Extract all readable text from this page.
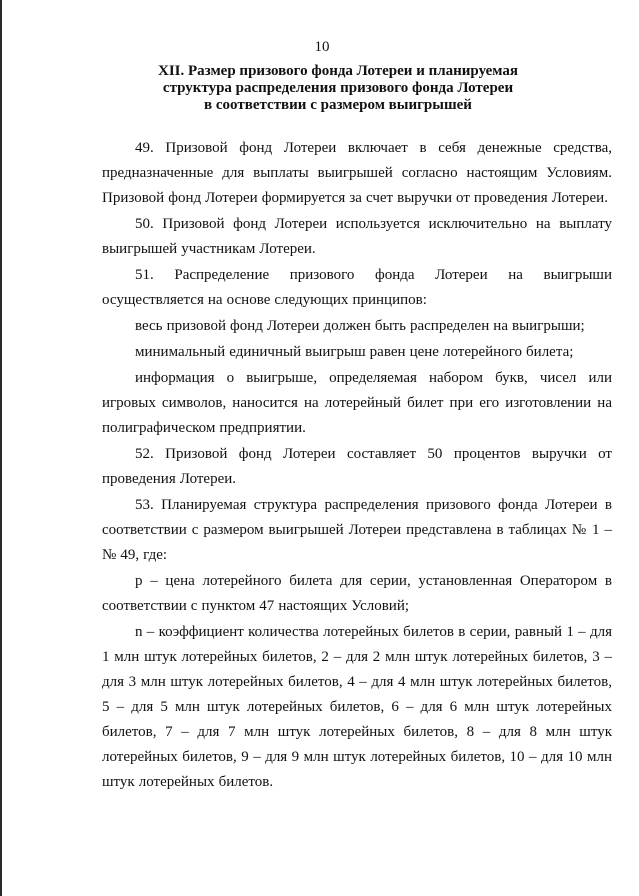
10
XII. Размер призового фонда Лотереи и планируемая
структура распределения призового фонда Лотереи
в соответствии с размером выигрышей

49. Призовой фонд Лотереи включает в себя денежные средства, предназначенные для выплаты выигрышей согласно настоящим Условиям. Призовой фонд Лотереи формируется за счет выручки от проведения Лотереи.

50. Призовой фонд Лотереи используется исключительно на выплату выигрышей участникам Лотереи.

51. Распределение призового фонда Лотереи на выигрыши осуществляется на основе следующих принципов:

весь призовой фонд Лотереи должен быть распределен на выигрыши;

минимальный единичный выигрыш равен цене лотерейного билета;

информация о выигрыше, определяемая набором букв, чисел или игровых символов, наносится на лотерейный билет при его изготовлении на полиграфическом предприятии.

52. Призовой фонд Лотереи составляет 50 процентов выручки от проведения Лотереи.

53. Планируемая структура распределения призового фонда Лотереи в соответствии с размером выигрышей Лотереи представлена в таблицах № 1 – № 49, где:

p – цена лотерейного билета для серии, установленная Оператором в соответствии с пунктом 47 настоящих Условий;

n – коэффициент количества лотерейных билетов в серии, равный 1 – для 1 млн штук лотерейных билетов, 2 – для 2 млн штук лотерейных билетов, 3 – для 3 млн штук лотерейных билетов, 4 – для 4 млн штук лотерейных билетов, 5 – для 5 млн штук лотерейных билетов, 6 – для 6 млн штук лотерейных билетов, 7 – для 7 млн штук лотерейных билетов, 8 – для 8 млн штук лотерейных билетов, 9 – для 9 млн штук лотерейных билетов, 10 – для 10 млн штук лотерейных билетов.
